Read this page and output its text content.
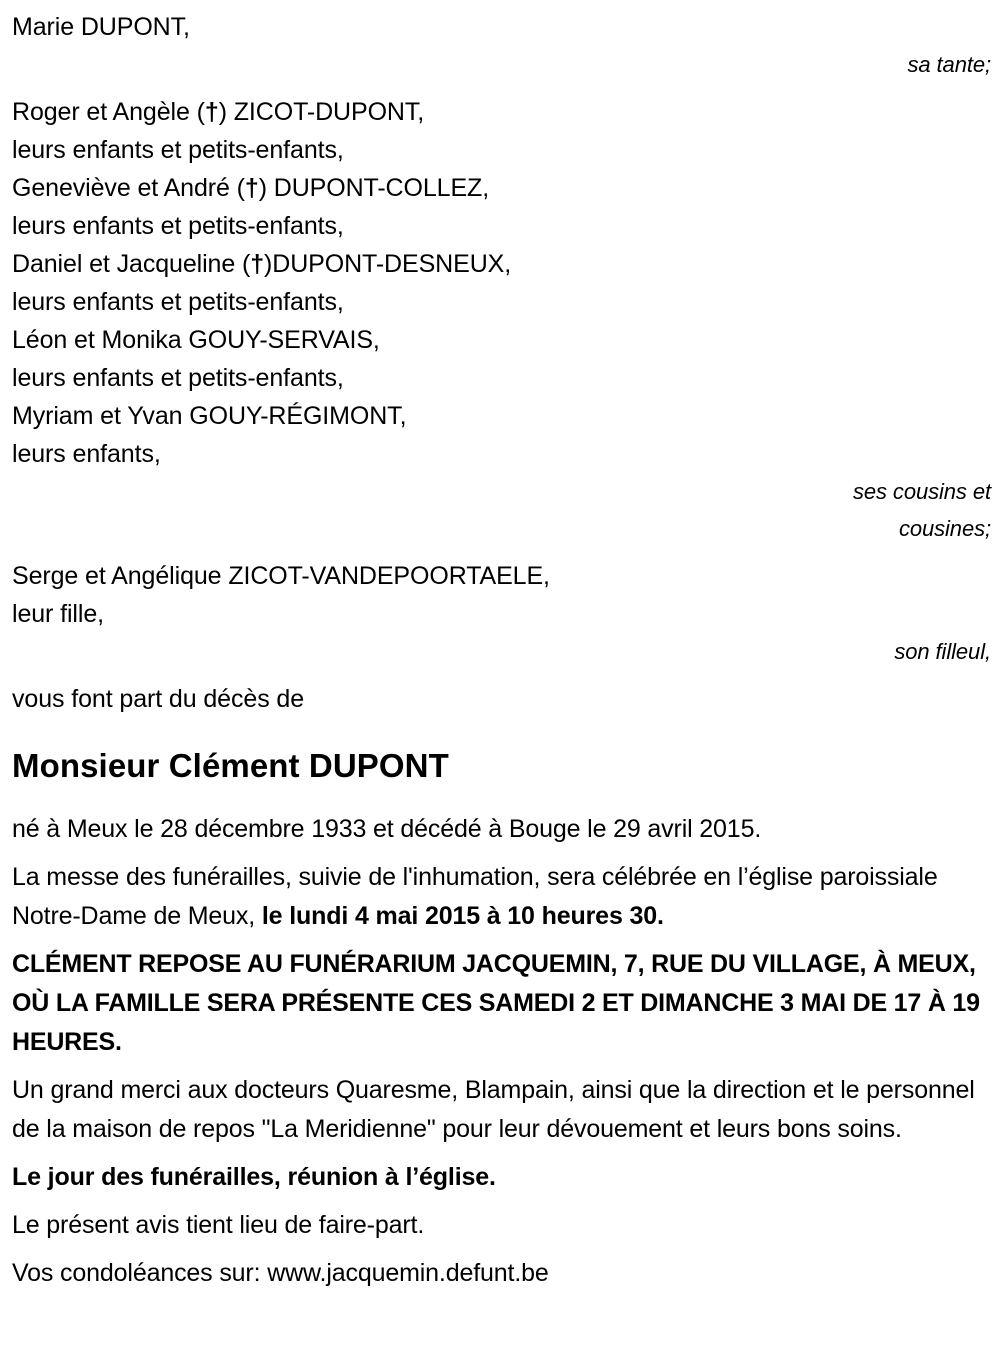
Marie DUPONT,
sa tante;
Roger et Angèle (†) ZICOT-DUPONT,
leurs enfants et petits-enfants,
Geneviève et André (†) DUPONT-COLLEZ,
leurs enfants et petits-enfants,
Daniel et Jacqueline (†)DUPONT-DESNEUX,
leurs enfants et petits-enfants,
Léon et Monika GOUY-SERVAIS,
leurs enfants et petits-enfants,
Myriam et Yvan GOUY-RÉGIMONT,
leurs enfants,
ses cousins et
cousines;
Serge et Angélique ZICOT-VANDEPOORTAELE,
leur fille,
son filleul,
vous font part du décès de
Monsieur Clément DUPONT

né à Meux le 28 décembre 1933 et décédé à Bouge le 29 avril 2015.

La messe des funérailles, suivie de l'inhumation, sera célébrée en l’église paroissiale Notre-Dame de Meux, le lundi 4 mai 2015 à 10 heures 30.

CLÉMENT REPOSE AU FUNÉRARIUM JACQUEMIN, 7, RUE DU VILLAGE, À MEUX, OÙ LA FAMILLE SERA PRÉSENTE CES SAMEDI 2 ET DIMANCHE 3 MAI DE 17 À 19 HEURES.

Un grand merci aux docteurs Quaresme, Blampain, ainsi que la direction et le personnel de la maison de repos "La Meridienne" pour leur dévouement et leurs bons soins.

Le jour des funérailles, réunion à l’église.

Le présent avis tient lieu de faire-part.

Vos condoléances sur: www.jacquemin.defunt.be
